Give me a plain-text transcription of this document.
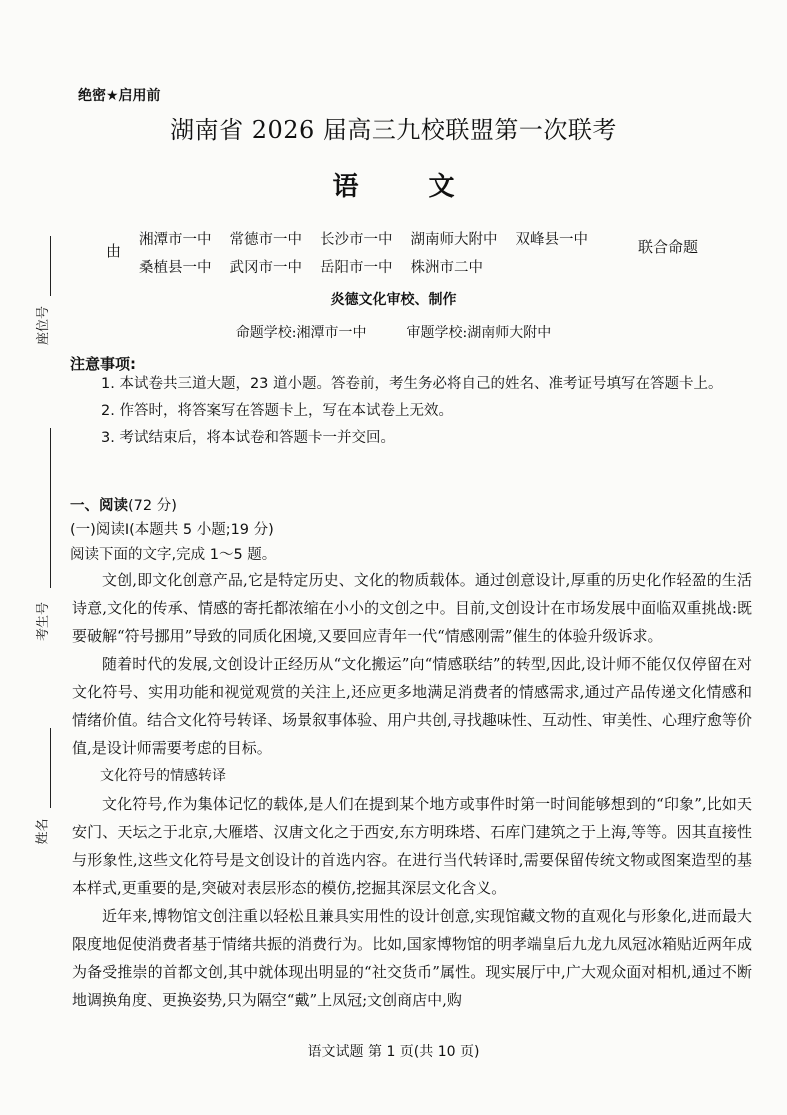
绝密★启用前
湖南省 2026 届高三九校联盟第一次联考
语	文
由
湘潭市一中 常德市一中 长沙市一中 湖南师大附中 双峰县一中
桑植县一中 武冈市一中 岳阳市一中 株洲市二中
联合命题
炎德文化审校、制作
命题学校:湘潭市一中	审题学校:湖南师大附中
座位号
考生号
姓名
注意事项:

1. 本试卷共三道大题，23 道小题。答卷前，考生务必将自己的姓名、准考证号填写在答题卡上。

2. 作答时，将答案写在答题卡上，写在本试卷上无效。

3. 考试结束后，将本试卷和答题卡一并交回。

一、阅读(72 分)
(一)阅读Ⅰ(本题共 5 小题;19 分)
阅读下面的文字,完成 1～5 题。

文创,即文化创意产品,它是特定历史、文化的物质载体。通过创意设计,厚重的历史化作轻盈的生活诗意,文化的传承、情感的寄托都浓缩在小小的文创之中。目前,文创设计在市场发展中面临双重挑战:既要破解“符号挪用”导致的同质化困境,又要回应青年一代“情感刚需”催生的体验升级诉求。

随着时代的发展,文创设计正经历从“文化搬运”向“情感联结”的转型,因此,设计师不能仅仅停留在对文化符号、实用功能和视觉观赏的关注上,还应更多地满足消费者的情感需求,通过产品传递文化情感和情绪价值。结合文化符号转译、场景叙事体验、用户共创,寻找趣味性、互动性、审美性、心理疗愈等价值,是设计师需要考虑的目标。

文化符号的情感转译

文化符号,作为集体记忆的载体,是人们在提到某个地方或事件时第一时间能够想到的“印象”,比如天安门、天坛之于北京,大雁塔、汉唐文化之于西安,东方明珠塔、石库门建筑之于上海,等等。因其直接性与形象性,这些文化符号是文创设计的首选内容。在进行当代转译时,需要保留传统文物或图案造型的基本样式,更重要的是,突破对表层形态的模仿,挖掘其深层文化含义。

近年来,博物馆文创注重以轻松且兼具实用性的设计创意,实现馆藏文物的直观化与形象化,进而最大限度地促使消费者基于情绪共振的消费行为。比如,国家博物馆的明孝端皇后九龙九凤冠冰箱贴近两年成为备受推崇的首都文创,其中就体现出明显的“社交货币”属性。现实展厅中,广大观众面对相机,通过不断地调换角度、更换姿势,只为隔空“戴”上凤冠;文创商店中,购

语文试题 第 1 页(共 10 页)
